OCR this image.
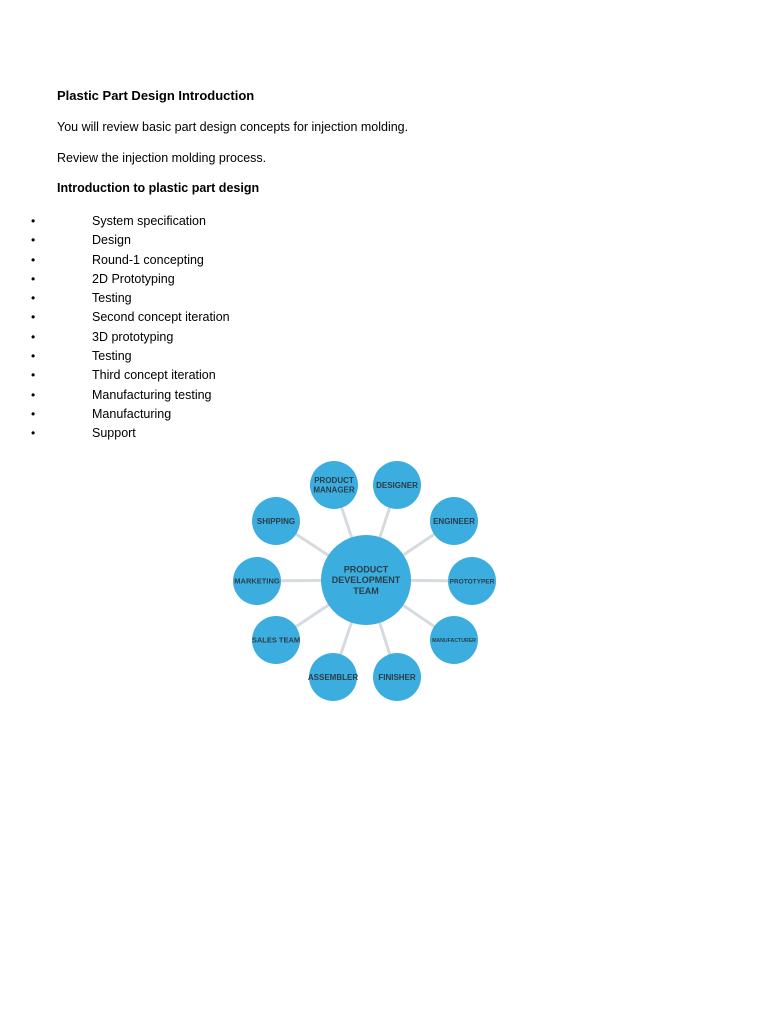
Plastic Part Design Introduction

You will review basic part design concepts for injection molding.

Review the injection molding process.

Introduction to plastic part design
•	System specification
•	Design
•	Round-1 concepting
•	2D Prototyping
•	Testing
•	Second concept iteration
•	3D prototyping
•	Testing
•	Third concept iteration
•	Manufacturing testing
•	Manufacturing
•	Support
PRODUCT MANAGER
DESIGNER
ENGINEER
PROTOTYPER
MANUFACTURER
FINISHER
ASSEMBLER
SALES TEAM
MARKETING
SHIPPING
PRODUCT DEVELOPMENT TEAM
